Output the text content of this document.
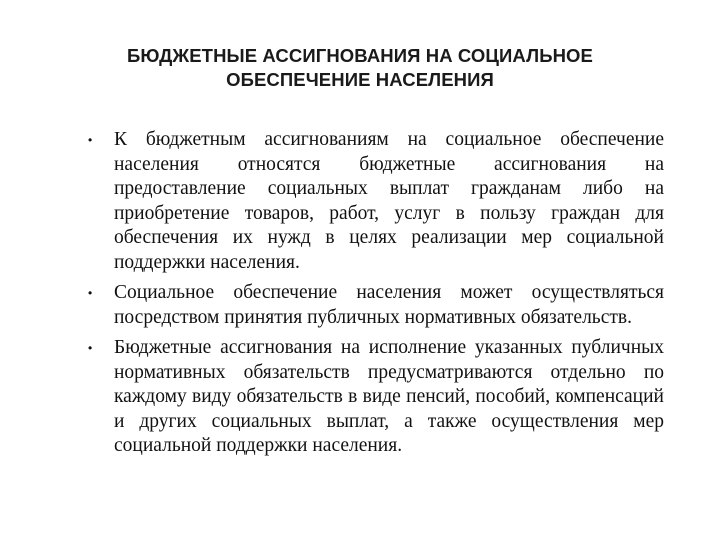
БЮДЖЕТНЫЕ АССИГНОВАНИЯ НА СОЦИАЛЬНОЕ
ОБЕСПЕЧЕНИЕ НАСЕЛЕНИЯ
• К бюджетным ассигнованиям на социальное обеспечение населения относятся бюджетные ассигнования на предоставление социальных выплат гражданам либо на приобретение товаров, работ, услуг в пользу граждан для обеспечения их нужд в целях реализации мер социальной поддержки населения.
• Социальное обеспечение населения может осуществляться посредством принятия публичных нормативных обязательств.
• Бюджетные ассигнования на исполнение указанных публичных нормативных обязательств предусматриваются отдельно по каждому виду обязательств в виде пенсий, пособий, компенсаций и других социальных выплат, а также осуществления мер социальной поддержки населения.
